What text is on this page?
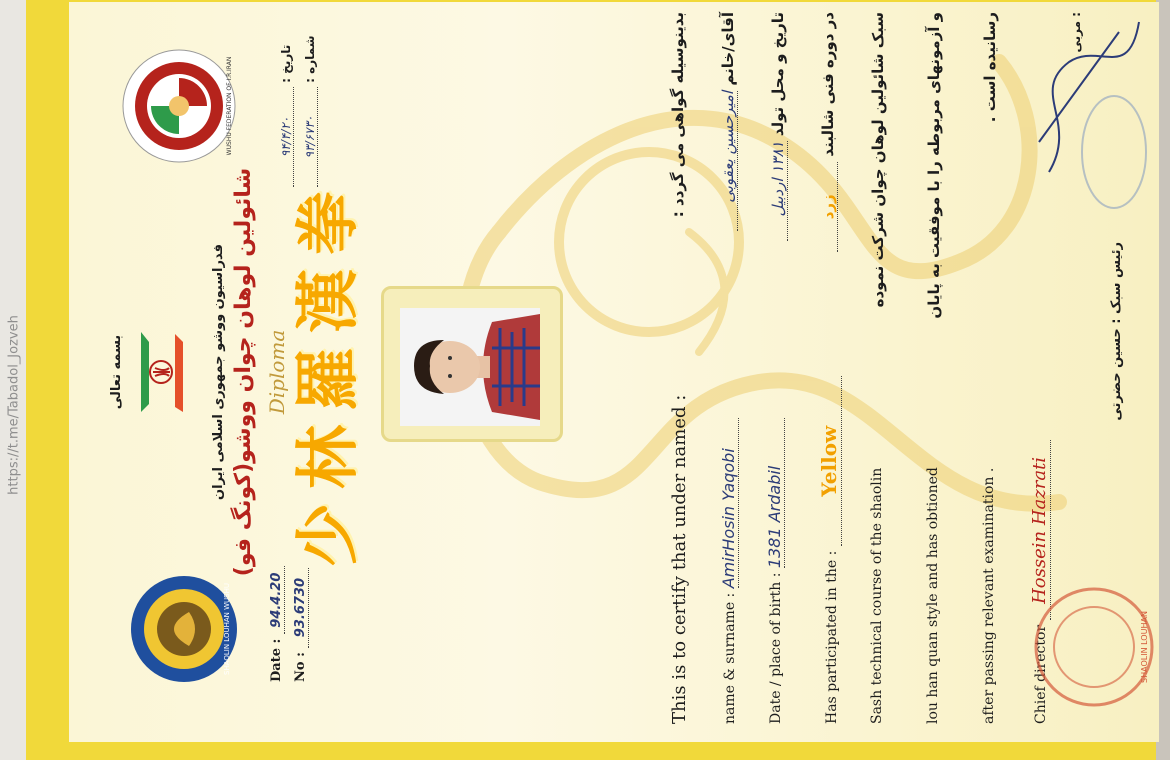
https://t.me/Tabadol_Jozveh	بسمه تعالی	فدراسیون ووشو جمهوری اسلامی ایران شائولین لوهان چوان ووشو(کونگ فو) Diploma
SHAOLIN LOUHAN WUSHU
WUSHU FEDERATION OF I.R.IRAN
Date : 94.4.20
No : 93.6730
۹۴/۴/۲۰ : تاریخ
۹۳/۶۷۳۰ : شماره
少林羅漢拳	This is to certify that under named : name & surname : AmirHosin Yaqobi
Date / place of birth : 1381 Ardabil
Has participated in the : Yellow
Sash technical course of the shaolin	lou han quan style and has obtioned	after passing relevant examination .	Chief director Hossein Hazrati
بدینوسیله گواهی می گردد : آقای/خانم امیرحسین یعقوبی
تاریخ و محل تولد ۱۳۸۱ اردبیل
در دوره فنی شالبند زرد سبک شائولین لوهان چوان شرکت نموده	و آزمونهای مربوطه را با موفقیت به پایان	رسانیده است .	: مربی
رئیس سبک : حسین حضرتی
SHAOLIN LOUHAN
